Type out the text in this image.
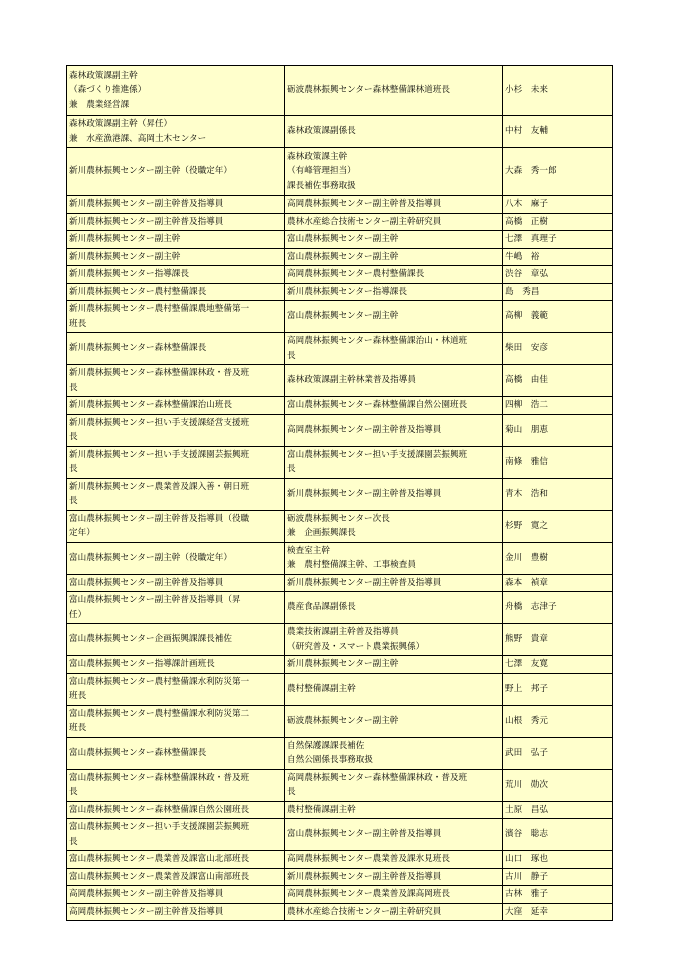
森林政策課副主幹
（森づくり推進係）
兼　農業経営課	砺波農林振興センター森林整備課林道班長	小杉　未来

森林政策課副主幹（昇任）
兼　水産漁港課、高岡土木センター	森林政策課副係長	中村　友輔

新川農林振興センター副主幹（役職定年）	森林政策課主幹
（有峰管理担当）
課長補佐事務取扱	大森　秀一郎

新川農林振興センター副主幹普及指導員	高岡農林振興センター副主幹普及指導員	八木　麻子

新川農林振興センター副主幹普及指導員	農林水産総合技術センター副主幹研究員	高橋　正樹

新川農林振興センター副主幹	富山農林振興センター副主幹	七澤　真理子

新川農林振興センター副主幹	富山農林振興センター副主幹	牛嶋　裕

新川農林振興センター指導課長	高岡農林振興センター農村整備課長	渋谷　章弘

新川農林振興センター農村整備課長	新川農林振興センター指導課長	島　秀昌

新川農林振興センター農村整備課農地整備第一
班長	富山農林振興センター副主幹	高柳　義範

新川農林振興センター森林整備課長	高岡農林振興センター森林整備課治山・林道班
長	柴田　安彦

新川農林振興センター森林整備課林政・普及班
長	森林政策課副主幹林業普及指導員	高橋　由佳

新川農林振興センター森林整備課治山班長	富山農林振興センター森林整備課自然公園班長	四柳　浩二

新川農林振興センター担い手支援課経営支援班
長	高岡農林振興センター副主幹普及指導員	菊山　朋恵

新川農林振興センター担い手支援課園芸振興班
長	富山農林振興センター担い手支援課園芸振興班
長	南條　雅信

新川農林振興センター農業普及課入善・朝日班
長	新川農林振興センター副主幹普及指導員	青木　浩和

富山農林振興センター副主幹普及指導員（役職
定年）	砺波農林振興センター次長
兼　企画振興課長	杉野　寛之

富山農林振興センター副主幹（役職定年）	検査室主幹
兼　農村整備課主幹、工事検査員	金川　豊樹

富山農林振興センター副主幹普及指導員	新川農林振興センター副主幹普及指導員	森本　禎章

富山農林振興センター副主幹普及指導員（昇
任）	農産食品課副係長	舟橋　志津子

富山農林振興センター企画振興課課長補佐	農業技術課副主幹普及指導員
（研究普及・スマート農業振興係）	熊野　貴章

富山農林振興センター指導課計画班長	新川農林振興センター副主幹	七澤　友寛

富山農林振興センター農村整備課水利防災第一
班長	農村整備課副主幹	野上　邦子

富山農林振興センター農村整備課水利防災第二
班長	砺波農林振興センター副主幹	山根　秀元

富山農林振興センター森林整備課長	自然保護課課長補佐
自然公園係長事務取扱	武田　弘子

富山農林振興センター森林整備課林政・普及班
長	高岡農林振興センター森林整備課林政・普及班
長	荒川　勋次

富山農林振興センター森林整備課自然公園班長	農村整備課副主幹	土原　昌弘

富山農林振興センター担い手支援課園芸振興班
長	富山農林振興センター副主幹普及指導員	濱谷　聡志

富山農林振興センター農業普及課富山北部班長	高岡農林振興センター農業普及課氷見班長	山口　琢也

富山農林振興センター農業普及課富山南部班長	新川農林振興センター副主幹普及指導員	古川　静子

高岡農林振興センター副主幹普及指導員	高岡農林振興センター農業普及課高岡班長	古林　雅子

高岡農林振興センター副主幹普及指導員	農林水産総合技術センター副主幹研究員	大窪　延幸
